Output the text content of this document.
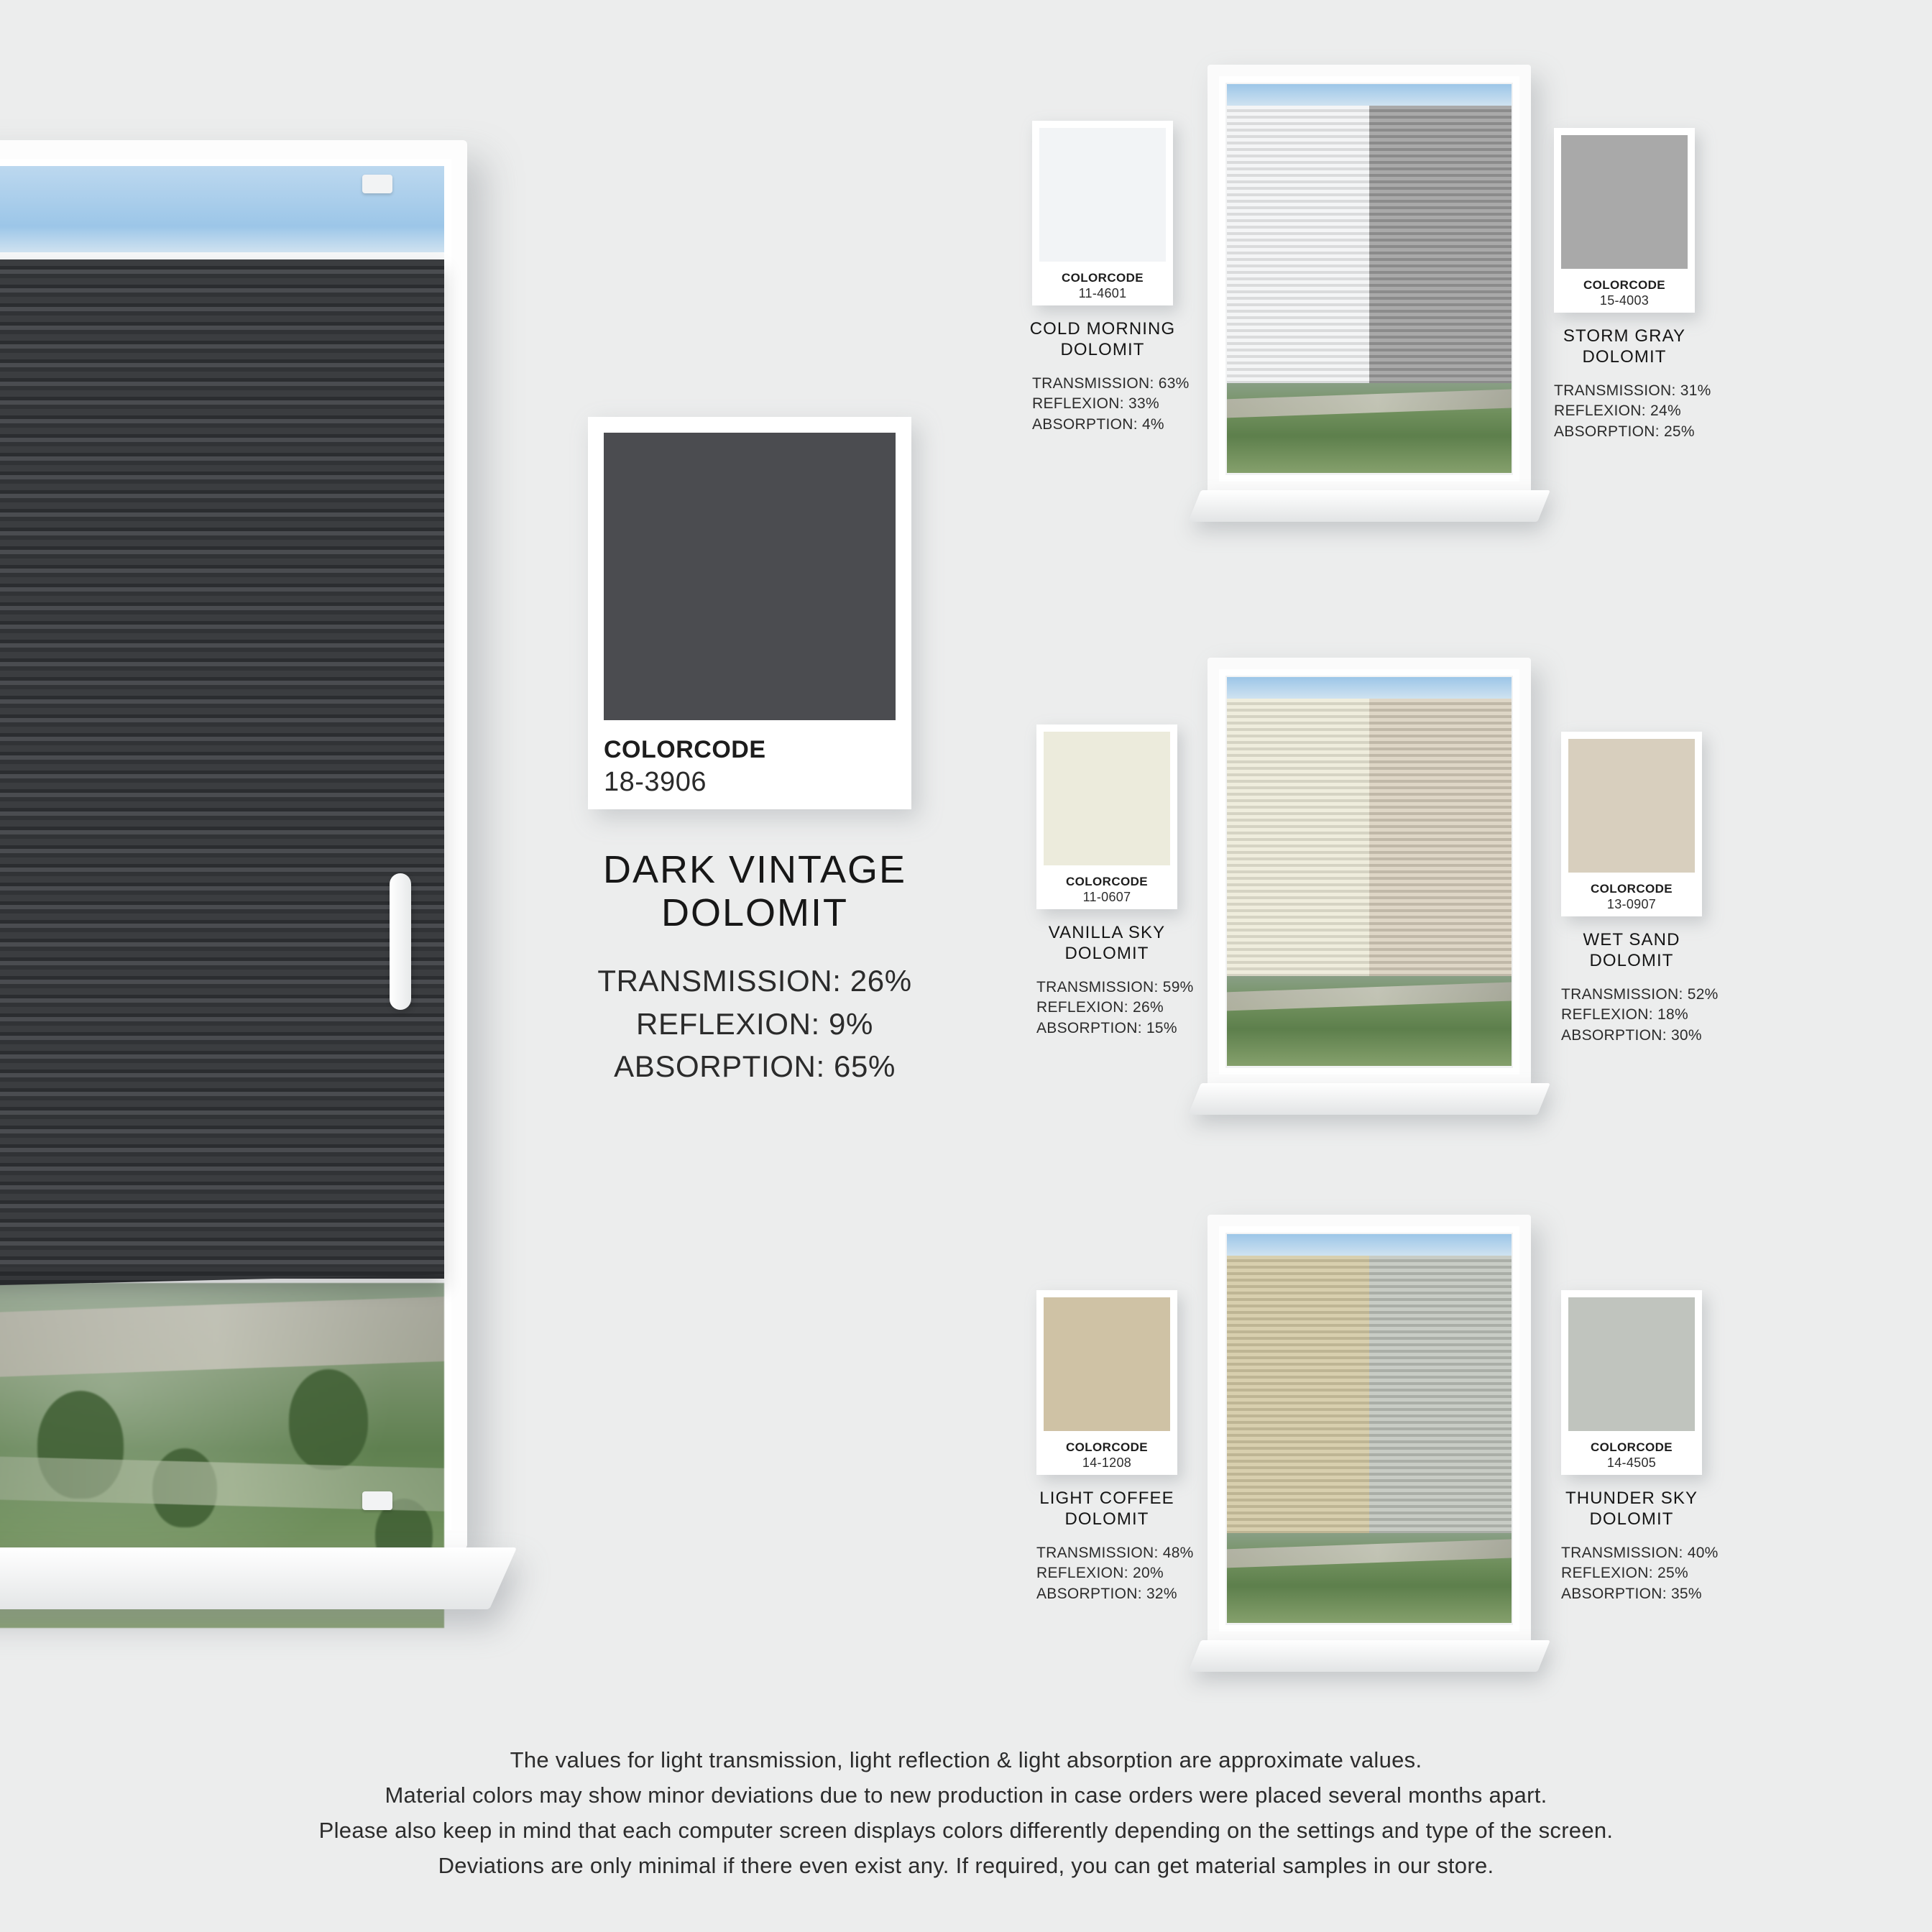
COLORCODE
18-3906
DARK VINTAGE
DOLOMIT
TRANSMISSION: 26%
REFLEXION: 9%
ABSORPTION: 65%
COLORCODE
11-4601
COLD MORNING
DOLOMIT
TRANSMISSION: 63%
REFLEXION: 33%
ABSORPTION: 4%
COLORCODE
15-4003
STORM GRAY
DOLOMIT
TRANSMISSION: 31%
REFLEXION: 24%
ABSORPTION: 25%
COLORCODE
11-0607
VANILLA SKY
DOLOMIT
TRANSMISSION: 59%
REFLEXION: 26%
ABSORPTION: 15%
COLORCODE
13-0907
WET SAND
DOLOMIT
TRANSMISSION: 52%
REFLEXION: 18%
ABSORPTION: 30%
COLORCODE
14-1208
LIGHT COFFEE
DOLOMIT
TRANSMISSION: 48%
REFLEXION: 20%
ABSORPTION: 32%
COLORCODE
14-4505
THUNDER SKY
DOLOMIT
TRANSMISSION: 40%
REFLEXION: 25%
ABSORPTION: 35%
The values for light transmission, light reflection & light absorption are approximate values.
Material colors may show minor deviations due to new production in case orders were placed several months apart.
Please also keep in mind that each computer screen displays colors differently depending on the settings and type of the screen.
Deviations are only minimal if there even exist any. If required, you can get material samples in our store.
